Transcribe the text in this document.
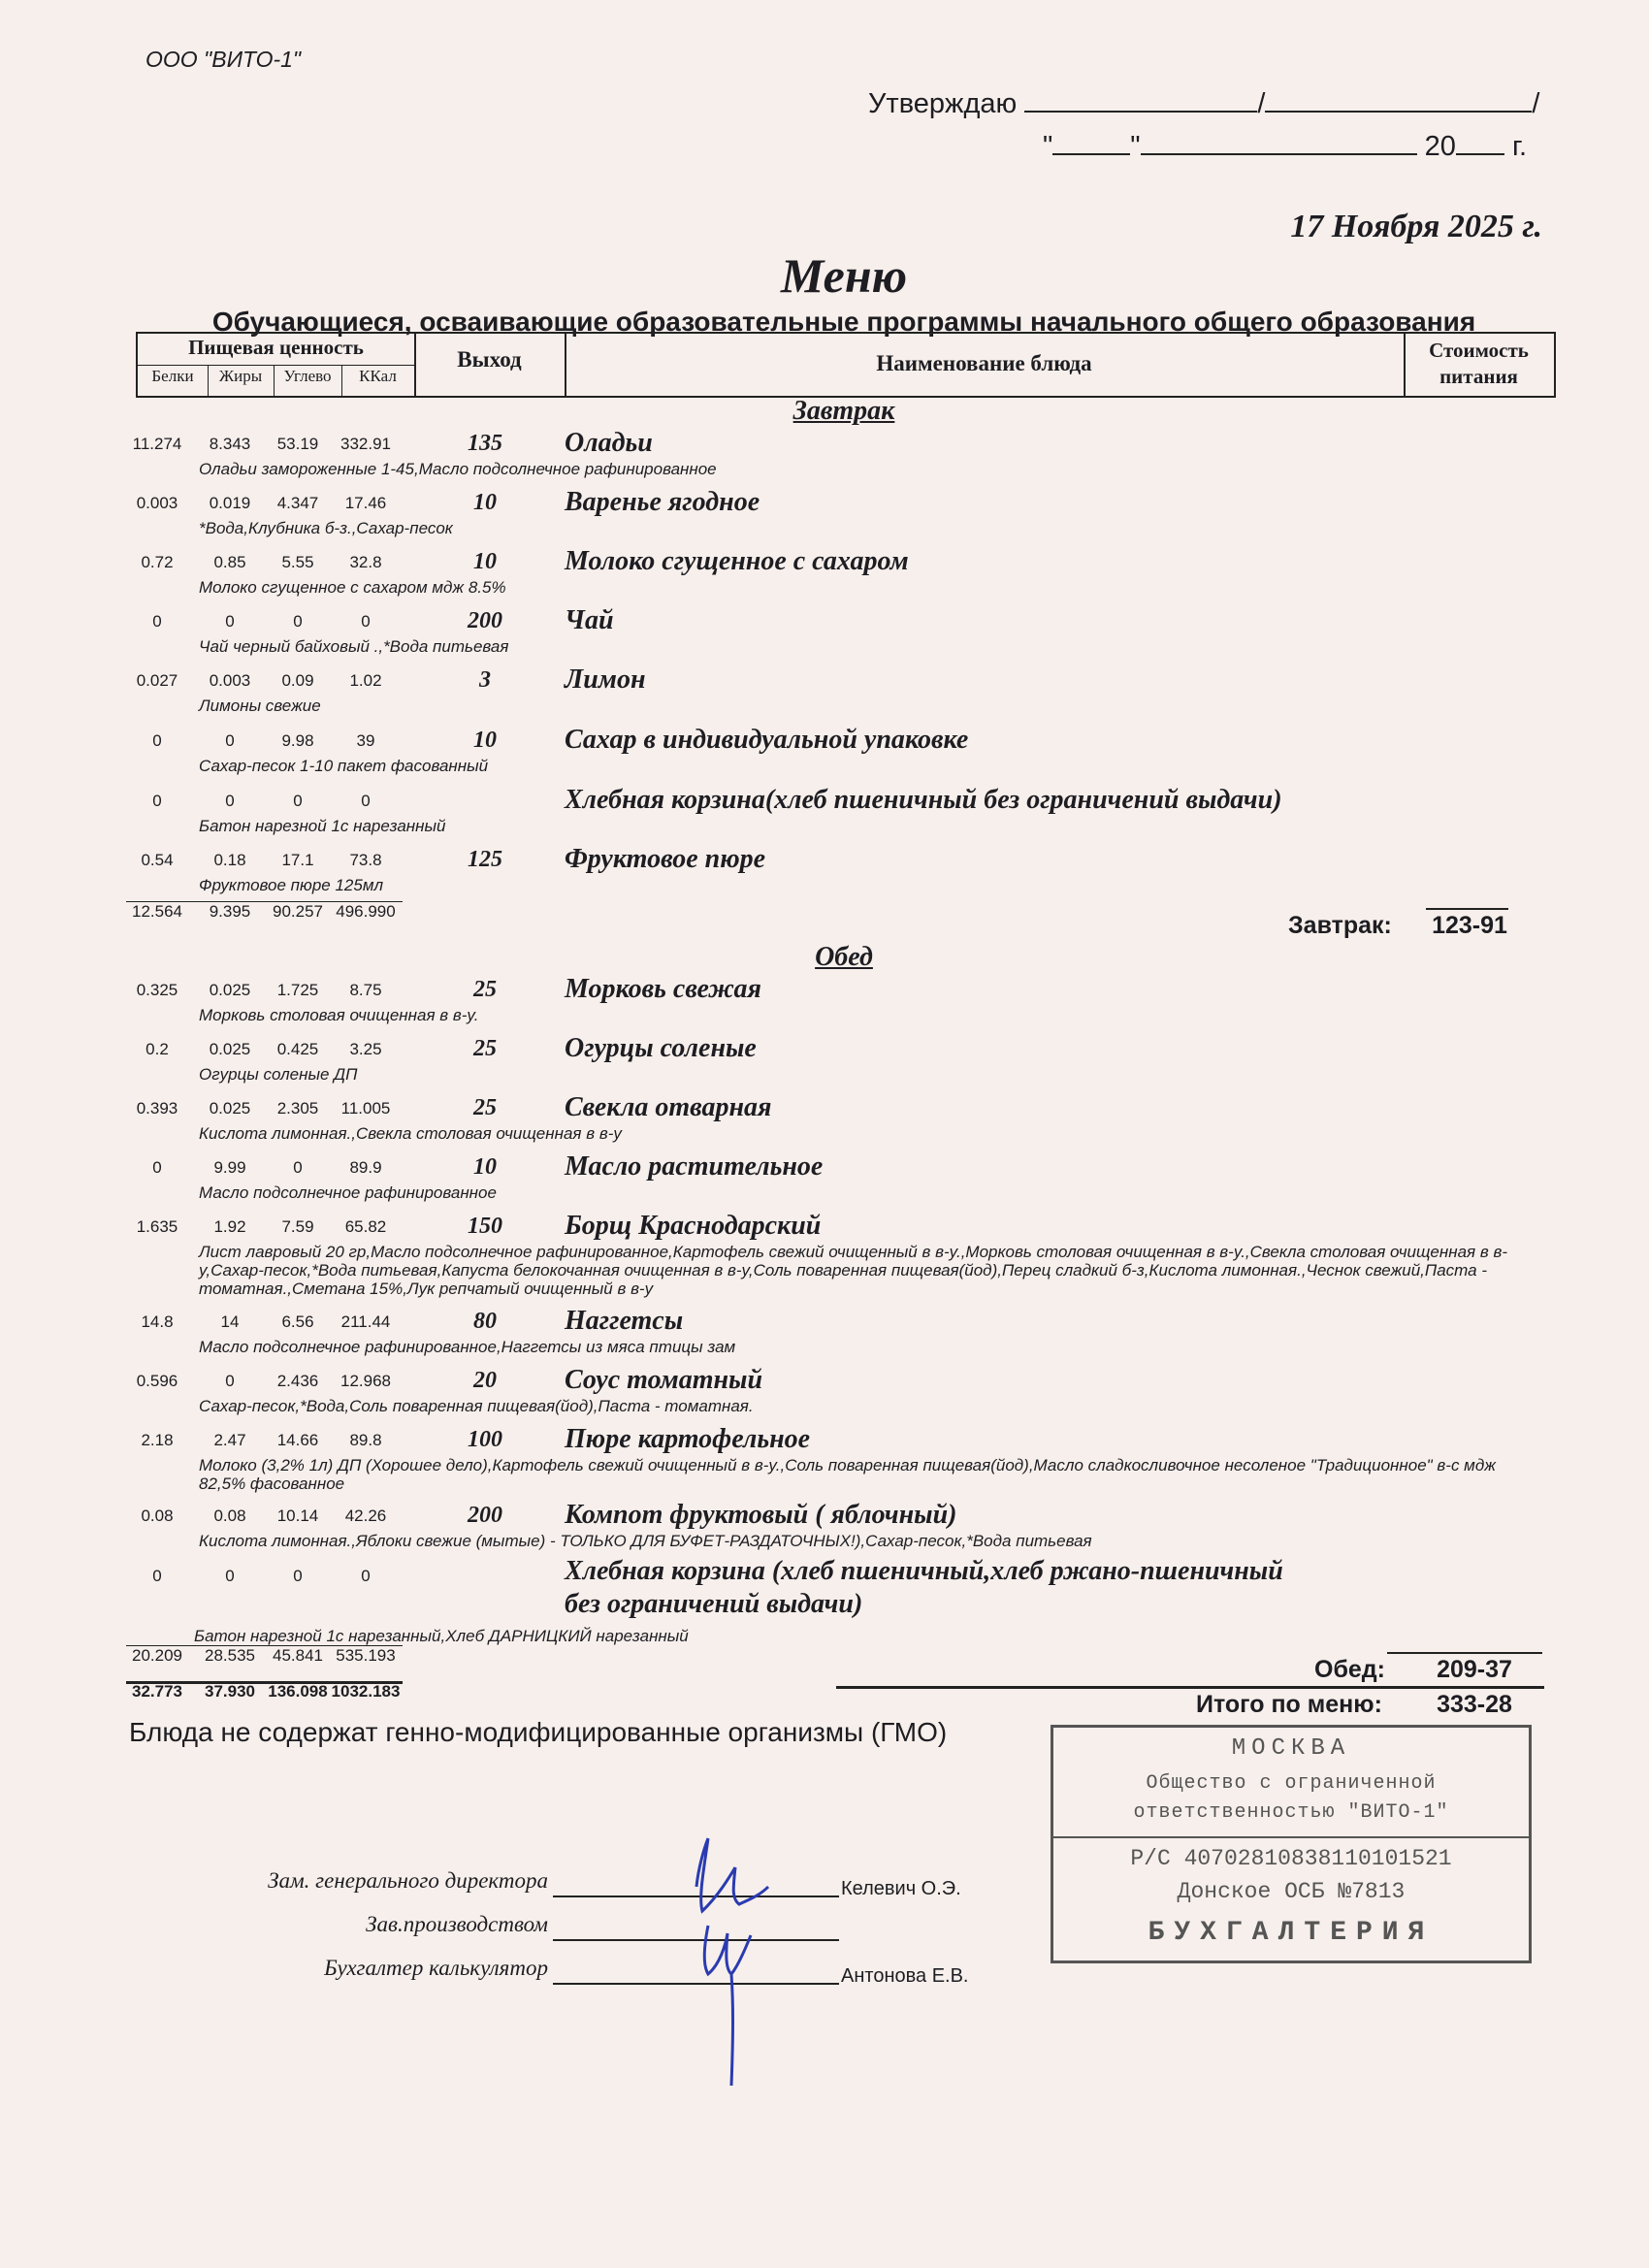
ООО "ВИТО-1"
Утверждаю	/	/
"	"	20 г.
17 Ноября 2025 г.
Меню
Обучающиеся, осваивающие образовательные программы начального общего образования
Пищевая ценность
Белки	Жиры	Углево	ККал
Выход	Наименование блюда
Стоимость питания
Завтрак
11.274	8.343	53.19	332.91	135	Оладьи
Оладьи замороженные 1-45,Масло подсолнечное рафинированное
0.003	0.019	4.347	17.46	10	Варенье ягодное
*Вода,Клубника б-з.,Сахар-песок
0.72	0.85	5.55	32.8	10	Молоко сгущенное с сахаром
Молоко сгущенное с сахаром мдж 8.5%
0	0	0	0	200	Чай
Чай черный байховый .,*Вода питьевая
0.027	0.003	0.09	1.02	3	Лимон
Лимоны свежие
0	0	9.98	39	10	Сахар в индивидуальной упаковке
Сахар-песок 1-10 пакет фасованный
0	0	0	0	Хлебная корзина(хлеб пшеничный без ограничений выдачи)
Батон нарезной 1с нарезанный
0.54	0.18	17.1	73.8	125	Фруктовое пюре
Фруктовое пюре 125мл
Обед
0.325	0.025	1.725	8.75	25	Морковь свежая
Морковь столовая очищенная в в-у.
0.2	0.025	0.425	3.25	25	Огурцы соленые
Огурцы соленые ДП
0.393	0.025	2.305	11.005	25	Свекла отварная
Кислота лимонная.,Свекла столовая очищенная в в-у
0	9.99	0	89.9	10	Масло растительное
Масло подсолнечное рафинированное
1.635	1.92	7.59	65.82	150	Борщ Краснодарский
Лист лавровый 20 гр,Масло подсолнечное рафинированное,Картофель свежий очищенный в в-у.,Морковь столовая очищенная в в-у.,Свекла столовая очищенная в в-у,Сахар-песок,*Вода питьевая,Капуста белокочанная очищенная в в-у,Соль поваренная пищевая(йод),Перец сладкий б-з,Кислота лимонная.,Чеснок свежий,Паста - томатная.,Сметана 15%,Лук репчатый очищенный в в-у
14.8	14	6.56	211.44	80	Наггетсы
Масло подсолнечное рафинированное,Наггетсы из мяса птицы зам
0.596	0	2.436	12.968	20	Соус томатный
Сахар-песок,*Вода,Соль поваренная пищевая(йод),Паста - томатная.
2.18	2.47	14.66	89.8	100	Пюре картофельное
Молоко (3,2% 1л) ДП (Хорошее дело),Картофель свежий очищенный в в-у.,Соль поваренная пищевая(йод),Масло сладкосливочное несоленое "Традиционное" в-с мдж 82,5% фасованное
0.08	0.08	10.14	42.26	200	Компот фруктовый ( яблочный)
Кислота лимонная.,Яблоки свежие (мытые) - ТОЛЬКО ДЛЯ БУФЕТ-РАЗДАТОЧНЫХ!),Сахар-песок,*Вода питьевая
0	0	0	0	Хлебная корзина (хлеб пшеничный,хлеб ржано-пшеничный
без ограничений выдачи)
Батон нарезной 1с нарезанный,Хлеб ДАРНИЦКИЙ нарезанный
12.564	9.395	90.257 496.990
Завтрак:	123-91
20.209	28.535	45.841 535.193
Обед:	209-37
32.773	37.930 136.098 1032.183	Итого по меню:	333-28
Блюда не содержат генно-модифицированные организмы (ГМО)
Зам. генерального директора	Келевич О.Э.
Зав.производством
Бухгалтер калькулятор	Антонова Е.В.
МОСКВА
Общество с ограниченной
ответственностью "ВИТО-1"
Р/С 40702810838110101521
Донское ОСБ №7813
БУХГАЛТЕРИЯ
